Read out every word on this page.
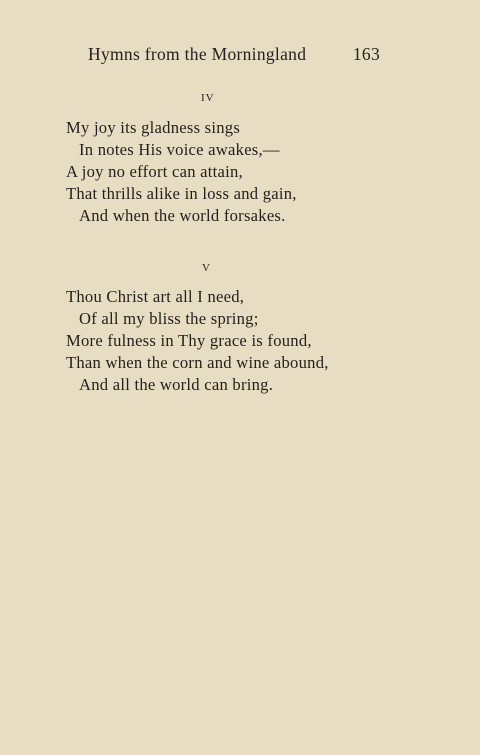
Hymns from the Morningland	163
IV
My joy its gladness sings
In notes His voice awakes,—
A joy no effort can attain,
That thrills alike in loss and gain,
And when the world forsakes.
V
Thou Christ art all I need,
Of all my bliss the spring;
More fulness in Thy grace is found,
Than when the corn and wine abound,
And all the world can bring.
